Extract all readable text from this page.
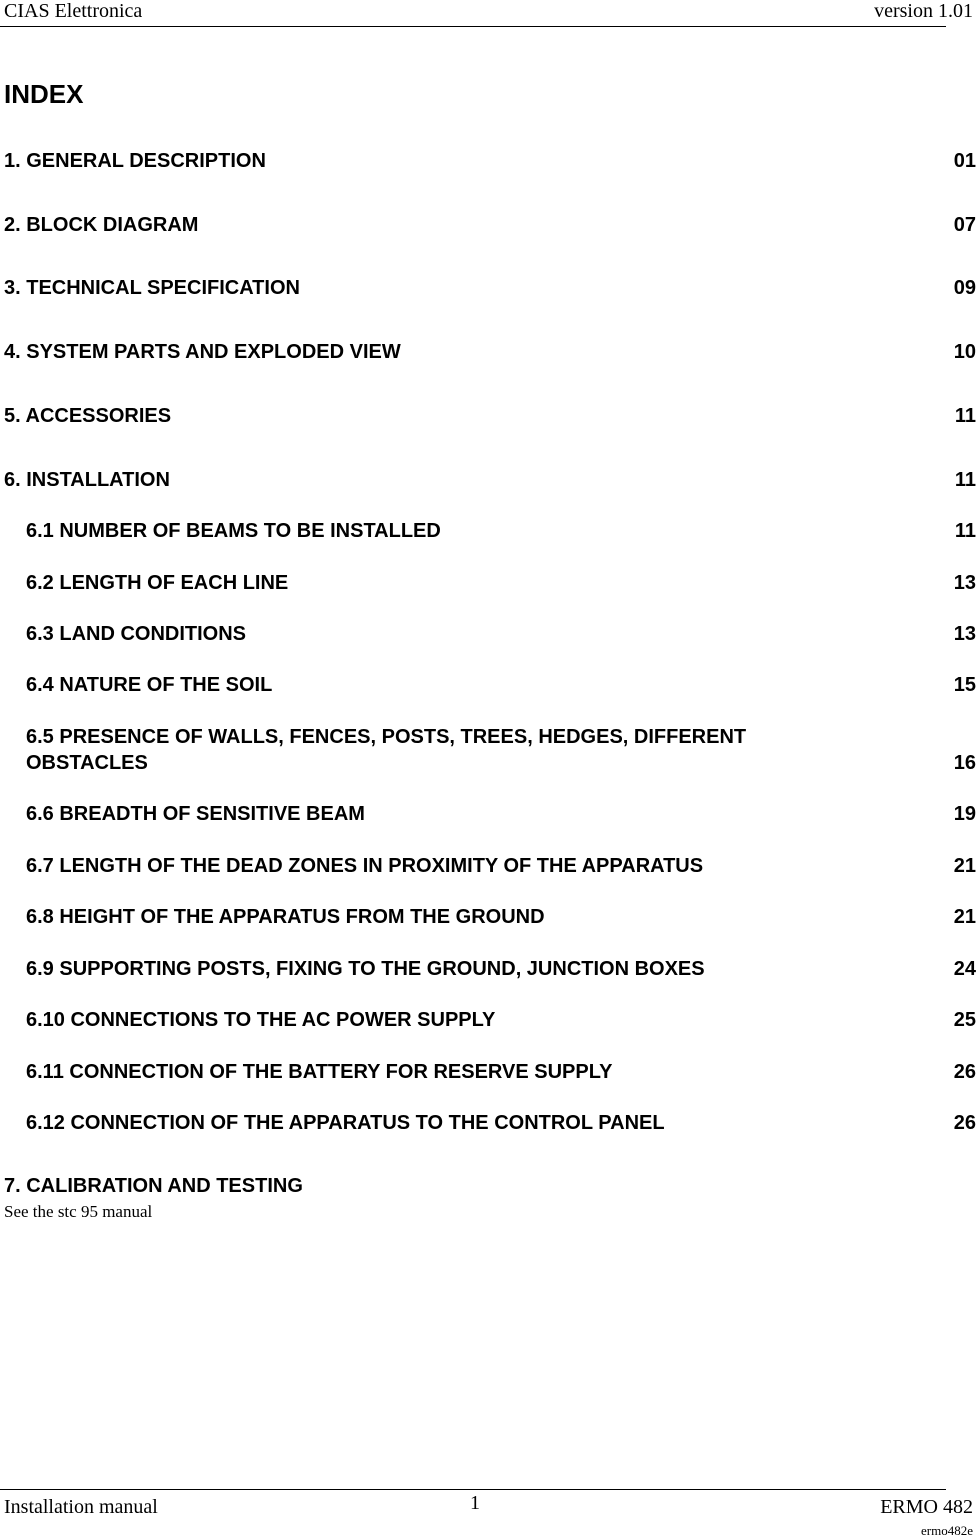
CIAS Elettronica	version 1.01
INDEX
1. GENERAL DESCRIPTION	01
2. BLOCK DIAGRAM	07
3. TECHNICAL SPECIFICATION	09
4. SYSTEM PARTS AND EXPLODED VIEW	10
5. ACCESSORIES	11
6. INSTALLATION	11
6.1 NUMBER OF BEAMS TO BE INSTALLED	11
6.2 LENGTH OF EACH LINE	13
6.3 LAND CONDITIONS	13
6.4 NATURE OF THE SOIL	15
6.5 PRESENCE OF WALLS, FENCES, POSTS, TREES, HEDGES, DIFFERENT
OBSTACLES	16
6.6 BREADTH OF SENSITIVE BEAM	19
6.7 LENGTH OF THE DEAD ZONES IN PROXIMITY OF THE APPARATUS	21
6.8 HEIGHT OF THE APPARATUS FROM THE GROUND	21
6.9 SUPPORTING POSTS, FIXING TO THE GROUND, JUNCTION BOXES	24
6.10 CONNECTIONS TO THE AC POWER SUPPLY	25
6.11 CONNECTION OF THE BATTERY FOR RESERVE SUPPLY	26
6.12 CONNECTION OF THE APPARATUS TO THE CONTROL PANEL	26
7. CALIBRATION AND TESTING
See the stc 95 manual
Installation manual	1	ERMO 482
ermo482e
